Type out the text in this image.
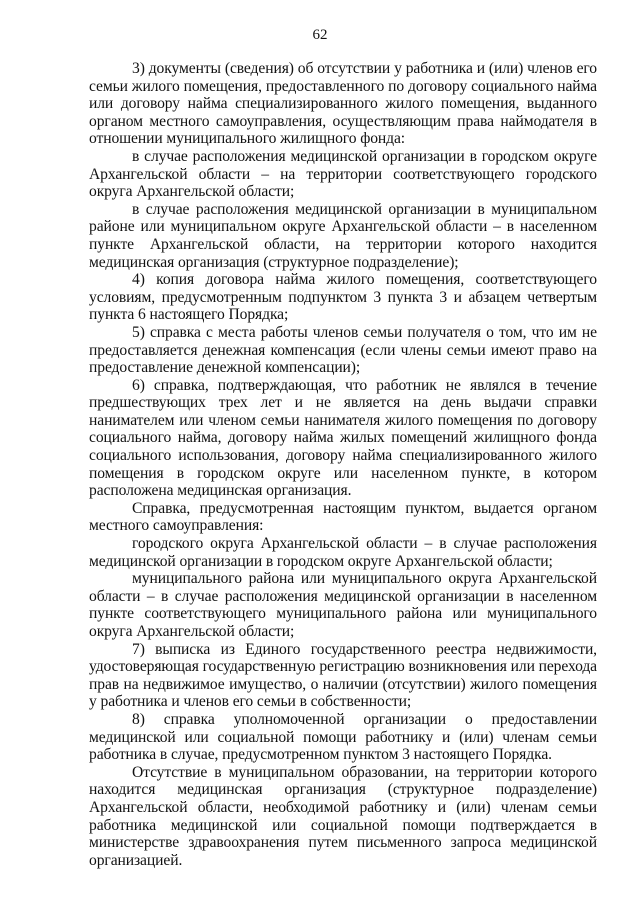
62

3) документы (сведения) об отсутствии у работника и (или) членов его семьи жилого помещения, предоставленного по договору социального найма или договору найма специализированного жилого помещения, выданного органом местного самоуправления, осуществляющим права наймодателя в отношении муниципального жилищного фонда:

в случае расположения медицинской организации в городском округе Архангельской области – на территории соответствующего городского округа Архангельской области;

в случае расположения медицинской организации в муниципальном районе или муниципальном округе Архангельской области – в населенном пункте Архангельской области, на территории которого находится медицинская организация (структурное подразделение);

4) копия договора найма жилого помещения, соответствующего условиям, предусмотренным подпунктом 3 пункта 3 и абзацем четвертым пункта 6 настоящего Порядка;

5) справка с места работы членов семьи получателя о том, что им не предоставляется денежная компенсация (если члены семьи имеют право на предоставление денежной компенсации);

6) справка, подтверждающая, что работник не являлся в течение предшествующих трех лет и не является на день выдачи справки нанимателем или членом семьи нанимателя жилого помещения по договору социального найма, договору найма жилых помещений жилищного фонда социального использования, договору найма специализированного жилого помещения в городском округе или населенном пункте, в котором расположена медицинская организация.

Справка, предусмотренная настоящим пунктом, выдается органом местного самоуправления:

городского округа Архангельской области – в случае расположения медицинской организации в городском округе Архангельской области;

муниципального района или муниципального округа Архангельской области – в случае расположения медицинской организации в населенном пункте соответствующего муниципального района или муниципального округа Архангельской области;

7) выписка из Единого государственного реестра недвижимости, удостоверяющая государственную регистрацию возникновения или перехода прав на недвижимое имущество, о наличии (отсутствии) жилого помещения у работника и членов его семьи в собственности;

8) справка уполномоченной организации о предоставлении медицинской или социальной помощи работнику и (или) членам семьи работника в случае, предусмотренном пунктом 3 настоящего Порядка.

Отсутствие в муниципальном образовании, на территории которого находится медицинская организация (структурное подразделение) Архангельской области, необходимой работнику и (или) членам семьи работника медицинской или социальной помощи подтверждается в министерстве здравоохранения путем письменного запроса медицинской организацией.
